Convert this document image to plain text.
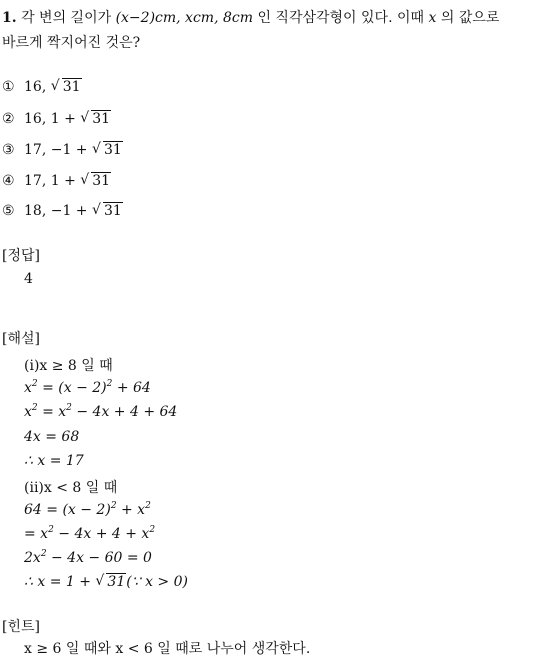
1. 각 변의 길이가 (x−2)cm, xcm, 8cm 인 직각삼각형이 있다. 이때 x 의 값으로
바르게 짝지어진 것은?
① 16, √ 31
② 16, 1 + √ 31
③ 17, −1 + √ 31
④ 17, 1 + √ 31
⑤ 18, −1 + √ 31
[정답]
4
[해설]
(i)x ≥ 8 일 때
$x^2 = (x - 2)^2 + 64$
$x^2 = x^2 - 4x + 4 + 64$
4x = 68
∴ x = 17
(ii)x < 8 일 때
$64 = (x - 2)^2 + x^2$
= $x^2 - 4x + 4 + x^2$
$2x^2 - 4x - 60 = 0$
∴ x = 1 + √ 31(∵ x > 0)
[힌트]
x ≥ 6 일 때와 x < 6 일 때로 나누어 생각한다.
